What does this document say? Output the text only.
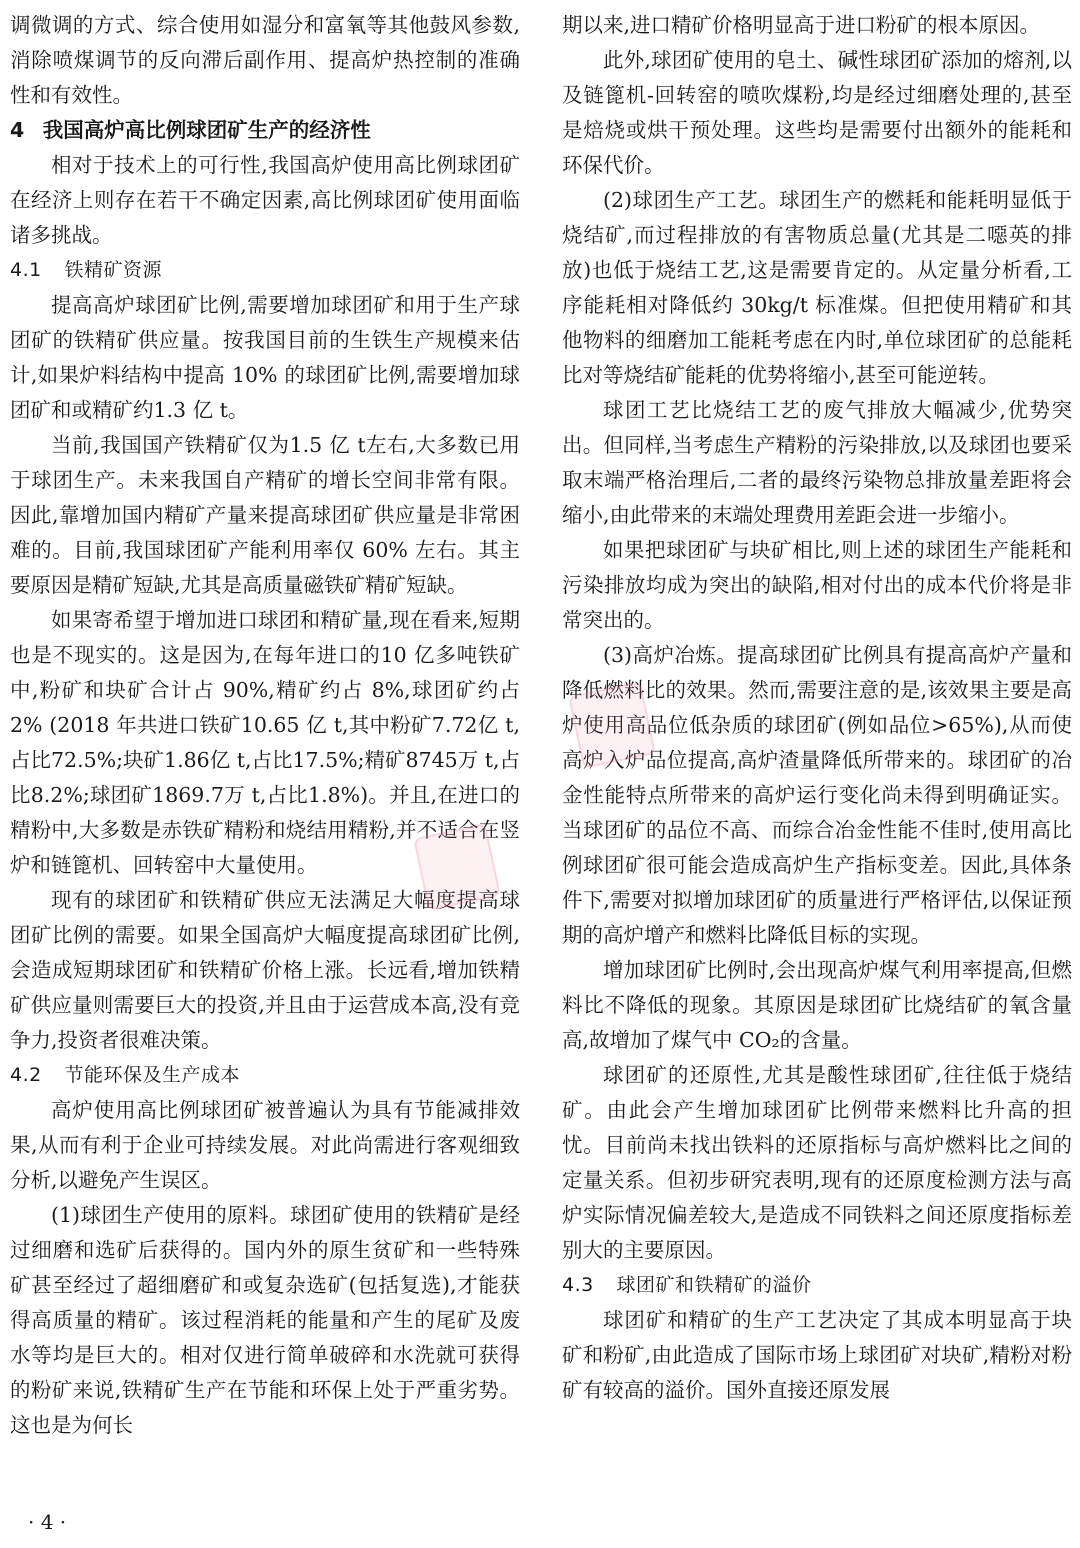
调微调的方式、综合使用如湿分和富氧等其他鼓风参数,消除喷煤调节的反向滞后副作用、提高炉热控制的准确性和有效性。

4 我国高炉高比例球团矿生产的经济性

相对于技术上的可行性,我国高炉使用高比例球团矿在经济上则存在若干不确定因素,高比例球团矿使用面临诸多挑战。

4.1 铁精矿资源

提高高炉球团矿比例,需要增加球团矿和用于生产球团矿的铁精矿供应量。按我国目前的生铁生产规模来估计,如果炉料结构中提高 10% 的球团矿比例,需要增加球团矿和或精矿约1.3 亿 t。

当前,我国国产铁精矿仅为1.5 亿 t左右,大多数已用于球团生产。未来我国自产精矿的增长空间非常有限。因此,靠增加国内精矿产量来提高球团矿供应量是非常困难的。目前,我国球团矿产能利用率仅 60% 左右。其主要原因是精矿短缺,尤其是高质量磁铁矿精矿短缺。

如果寄希望于增加进口球团和精矿量,现在看来,短期也是不现实的。这是因为,在每年进口的10 亿多吨铁矿中,粉矿和块矿合计占 90%,精矿约占 8%,球团矿约占 2% (2018 年共进口铁矿10.65 亿 t,其中粉矿7.72亿 t,占比72.5%;块矿1.86亿 t,占比17.5%;精矿8745万 t,占比8.2%;球团矿1869.7万 t,占比1.8%)。并且,在进口的精粉中,大多数是赤铁矿精粉和烧结用精粉,并不适合在竖炉和链篦机、回转窑中大量使用。

现有的球团矿和铁精矿供应无法满足大幅度提高球团矿比例的需要。如果全国高炉大幅度提高球团矿比例,会造成短期球团矿和铁精矿价格上涨。长远看,增加铁精矿供应量则需要巨大的投资,并且由于运营成本高,没有竞争力,投资者很难决策。

4.2 节能环保及生产成本

高炉使用高比例球团矿被普遍认为具有节能减排效果,从而有利于企业可持续发展。对此尚需进行客观细致分析,以避免产生误区。

(1)球团生产使用的原料。球团矿使用的铁精矿是经过细磨和选矿后获得的。国内外的原生贫矿和一些特殊矿甚至经过了超细磨矿和或复杂选矿(包括复选),才能获得高质量的精矿。该过程消耗的能量和产生的尾矿及废水等均是巨大的。相对仅进行简单破碎和水洗就可获得的粉矿来说,铁精矿生产在节能和环保上处于严重劣势。这也是为何长

期以来,进口精矿价格明显高于进口粉矿的根本原因。

此外,球团矿使用的皂土、碱性球团矿添加的熔剂,以及链篦机-回转窑的喷吹煤粉,均是经过细磨处理的,甚至是焙烧或烘干预处理。这些均是需要付出额外的能耗和环保代价。

(2)球团生产工艺。球团生产的燃耗和能耗明显低于烧结矿,而过程排放的有害物质总量(尤其是二噁英的排放)也低于烧结工艺,这是需要肯定的。从定量分析看,工序能耗相对降低约 30kg/t 标准煤。但把使用精矿和其他物料的细磨加工能耗考虑在内时,单位球团矿的总能耗比对等烧结矿能耗的优势将缩小,甚至可能逆转。

球团工艺比烧结工艺的废气排放大幅减少,优势突出。但同样,当考虑生产精粉的污染排放,以及球团也要采取末端严格治理后,二者的最终污染物总排放量差距将会缩小,由此带来的末端处理费用差距会进一步缩小。

如果把球团矿与块矿相比,则上述的球团生产能耗和污染排放均成为突出的缺陷,相对付出的成本代价将是非常突出的。

(3)高炉冶炼。提高球团矿比例具有提高高炉产量和降低燃料比的效果。然而,需要注意的是,该效果主要是高炉使用高品位低杂质的球团矿(例如品位>65%),从而使高炉入炉品位提高,高炉渣量降低所带来的。球团矿的冶金性能特点所带来的高炉运行变化尚未得到明确证实。当球团矿的品位不高、而综合冶金性能不佳时,使用高比例球团矿很可能会造成高炉生产指标变差。因此,具体条件下,需要对拟增加球团矿的质量进行严格评估,以保证预期的高炉增产和燃料比降低目标的实现。

增加球团矿比例时,会出现高炉煤气利用率提高,但燃料比不降低的现象。其原因是球团矿比烧结矿的氧含量高,故增加了煤气中 CO₂的含量。

球团矿的还原性,尤其是酸性球团矿,往往低于烧结矿。由此会产生增加球团矿比例带来燃料比升高的担忧。目前尚未找出铁料的还原指标与高炉燃料比之间的定量关系。但初步研究表明,现有的还原度检测方法与高炉实际情况偏差较大,是造成不同铁料之间还原度指标差别大的主要原因。

4.3 球团矿和铁精矿的溢价

球团矿和精矿的生产工艺决定了其成本明显高于块矿和粉矿,由此造成了国际市场上球团矿对块矿,精粉对粉矿有较高的溢价。国外直接还原发展

· 4 ·
